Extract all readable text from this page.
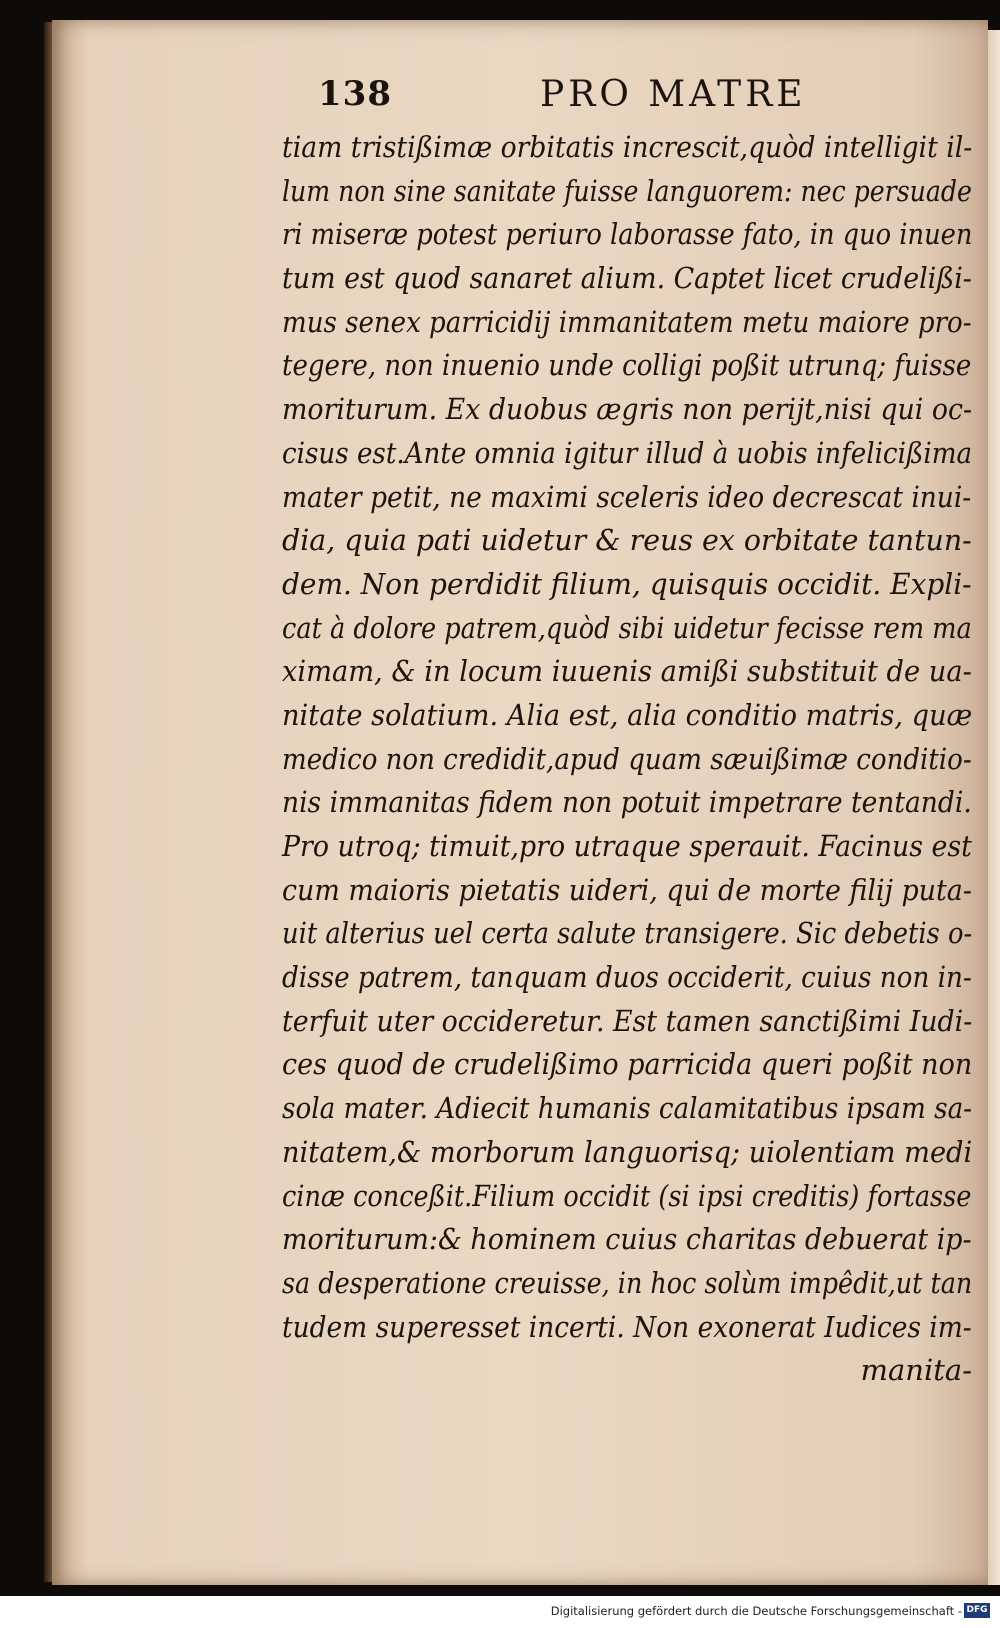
138	PRO MATRE
tiam tristißimæ orbitatis increscit,quòd intelligit il-
lum non sine sanitate fuisse languorem: nec persuade
ri miseræ potest periuro laborasse fato, in quo inuen
tum est quod sanaret alium. Captet licet crudelißi-
mus senex parricidij immanitatem metu maiore pro-
tegere, non inuenio unde colligi poßit utrunq; fuisse
moriturum. Ex duobus ægris non perijt,nisi qui oc-
cisus est.Ante omnia igitur illud à uobis infelicißima
mater petit, ne maximi sceleris ideo decrescat inui-
dia, quia pati uidetur & reus ex orbitate tantun-
dem. Non perdidit filium, quisquis occidit. Expli-
cat à dolore patrem,quòd sibi uidetur fecisse rem ma
ximam, & in locum iuuenis amißi substituit de ua-
nitate solatium. Alia est, alia conditio matris, quæ
medico non credidit,apud quam sæuißimæ conditio-
nis immanitas fidem non potuit impetrare tentandi.
Pro utroq; timuit,pro utraque sperauit. Facinus est
cum maioris pietatis uideri, qui de morte filij puta-
uit alterius uel certa salute transigere. Sic debetis o-
disse patrem, tanquam duos occiderit, cuius non in-
terfuit uter occideretur. Est tamen sanctißimi Iudi-
ces quod de crudelißimo parricida queri poßit non
sola mater. Adiecit humanis calamitatibus ipsam sa-
nitatem,& morborum languorisq; uiolentiam medi
cinæ conceßit.Filium occidit (si ipsi creditis) fortasse
moriturum:& hominem cuius charitas debuerat ip-
sa desperatione creuisse, in hoc solùm impêdit,ut tan
tudem superesset incerti. Non exonerat Iudices im-
manita-
Digitalisierung gefördert durch die Deutsche Forschungsgemeinschaft - DFG
